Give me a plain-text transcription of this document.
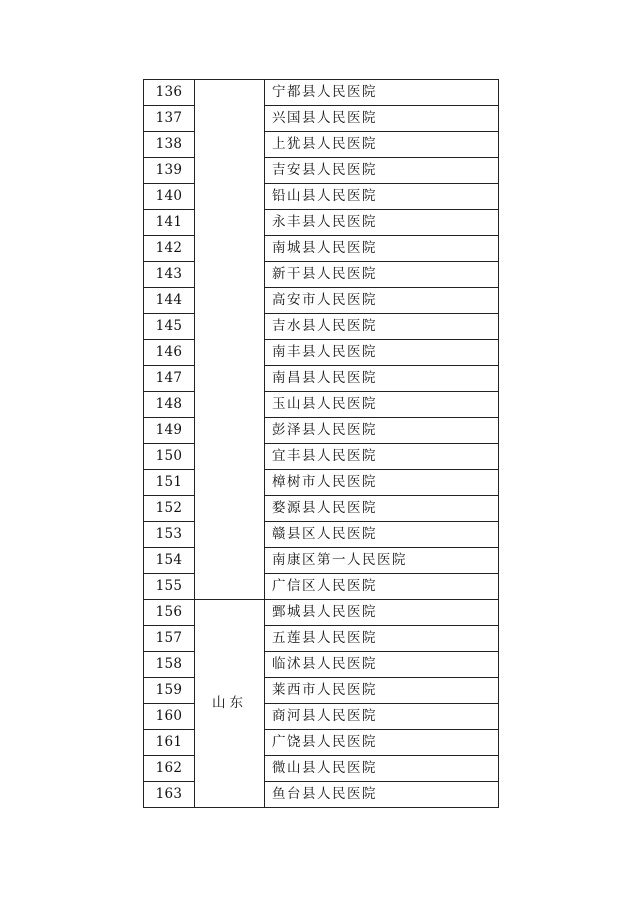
136		宁都县人民医院
137		兴国县人民医院
138		上犹县人民医院
139		吉安县人民医院
140		铅山县人民医院
141		永丰县人民医院
142		南城县人民医院
143		新干县人民医院
144		高安市人民医院
145		吉水县人民医院
146		南丰县人民医院
147		南昌县人民医院
148		玉山县人民医院
149		彭泽县人民医院
150		宜丰县人民医院
151		樟树市人民医院
152		婺源县人民医院
153		赣县区人民医院
154		南康区第一人民医院
155		广信区人民医院
156	山东	鄄城县人民医院
157		五莲县人民医院
158		临沭县人民医院
159		莱西市人民医院
160		商河县人民医院
161		广饶县人民医院
162		微山县人民医院
163		鱼台县人民医院
